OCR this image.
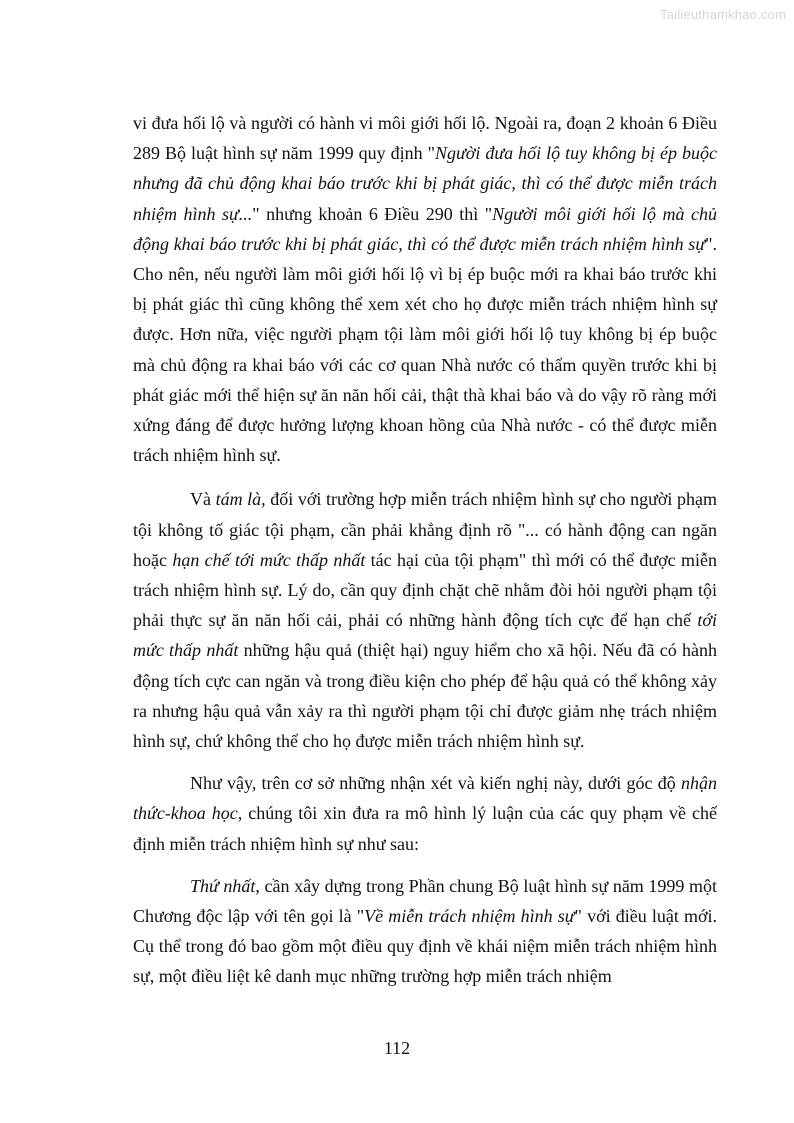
Tailieuthamkhao.com

vi đưa hối lộ và người có hành vi môi giới hối lộ. Ngoài ra, đoạn 2 khoản 6 Điều 289 Bộ luật hình sự năm 1999 quy định "Người đưa hối lộ tuy không bị ép buộc nhưng đã chủ động khai báo trước khi bị phát giác, thì có thể được miễn trách nhiệm hình sự..." nhưng khoản 6 Điều 290 thì "Người môi giới hối lộ mà chủ động khai báo trước khi bị phát giác, thì có thể được miễn trách nhiệm hình sự". Cho nên, nếu người làm môi giới hối lộ vì bị ép buộc mới ra khai báo trước khi bị phát giác thì cũng không thể xem xét cho họ được miễn trách nhiệm hình sự được. Hơn nữa, việc người phạm tội làm môi giới hối lộ tuy không bị ép buộc mà chủ động ra khai báo với các cơ quan Nhà nước có thẩm quyền trước khi bị phát giác mới thể hiện sự ăn năn hối cải, thật thà khai báo và do vậy rõ ràng mới xứng đáng để được hưởng lượng khoan hồng của Nhà nước - có thể được miễn trách nhiệm hình sự.

Và tám là, đối với trường hợp miễn trách nhiệm hình sự cho người phạm tội không tố giác tội phạm, cần phải khẳng định rõ "... có hành động can ngăn hoặc hạn chế tới mức thấp nhất tác hại của tội phạm" thì mới có thể được miễn trách nhiệm hình sự. Lý do, cần quy định chặt chẽ nhằm đòi hỏi người phạm tội phải thực sự ăn năn hối cải, phải có những hành động tích cực để hạn chế tới mức thấp nhất những hậu quả (thiệt hại) nguy hiểm cho xã hội. Nếu đã có hành động tích cực can ngăn và trong điều kiện cho phép để hậu quả có thể không xảy ra nhưng hậu quả vẫn xảy ra thì người phạm tội chỉ được giảm nhẹ trách nhiệm hình sự, chứ không thể cho họ được miễn trách nhiệm hình sự.

Như vậy, trên cơ sở những nhận xét và kiến nghị này, dưới góc độ nhận thức-khoa học, chúng tôi xin đưa ra mô hình lý luận của các quy phạm về chế định miễn trách nhiệm hình sự như sau:

Thứ nhất, cần xây dựng trong Phần chung Bộ luật hình sự năm 1999 một Chương độc lập với tên gọi là "Về miễn trách nhiệm hình sự" với điều luật mới. Cụ thể trong đó bao gồm một điều quy định về khái niệm miễn trách nhiệm hình sự, một điều liệt kê danh mục những trường hợp miễn trách nhiệm

112
